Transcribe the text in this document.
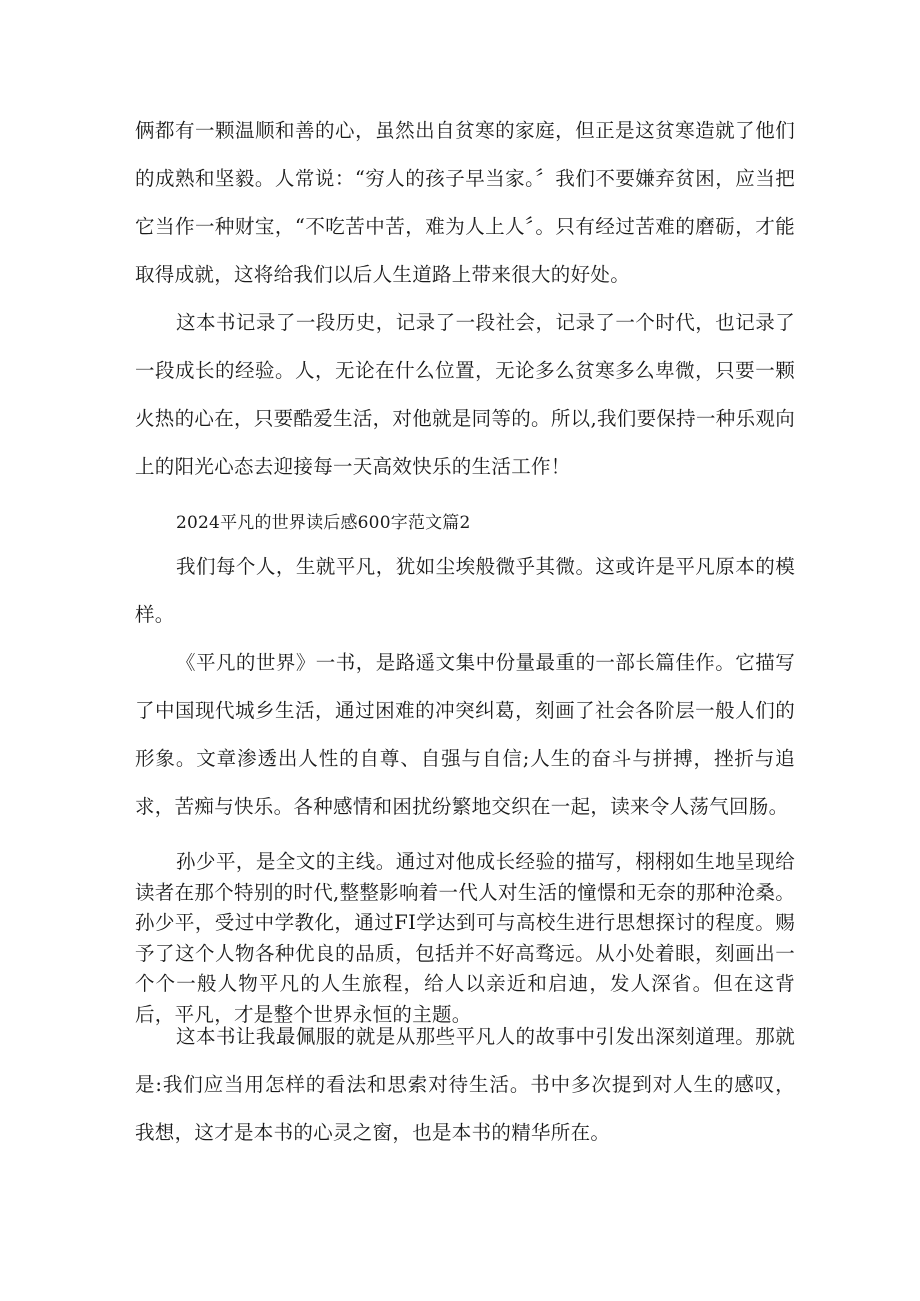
俩都有一颗温顺和善的心，虽然出自贫寒的家庭，但正是这贫寒造就了他们的成熟和坚毅。人常说：“穷人的孩子早当家。〞我们不要嫌弃贫困，应当把它当作一种财宝，“不吃苦中苦，难为人上人〞。只有经过苦难的磨砺，才能取得成就，这将给我们以后人生道路上带来很大的好处。

这本书记录了一段历史，记录了一段社会，记录了一个时代，也记录了一段成长的经验。人，无论在什么位置，无论多么贫寒多么卑微，只要一颗火热的心在，只要酷爱生活，对他就是同等的。所以,我们要保持一种乐观向上的阳光心态去迎接每一天高效快乐的生活工作！

2024平凡的世界读后感600字范文篇2

我们每个人，生就平凡，犹如尘埃般微乎其微。这或许是平凡原本的模样。

《平凡的世界》一书，是路遥文集中份量最重的一部长篇佳作。它描写了中国现代城乡生活，通过困难的冲突纠葛，刻画了社会各阶层一般人们的形象。文章渗透出人性的自尊、自强与自信;人生的奋斗与拼搏，挫折与追求，苦痴与快乐。各种感情和困扰纷繁地交织在一起，读来令人荡气回肠。

孙少平，是全文的主线。通过对他成长经验的描写，栩栩如生地呈现给读者在那个特别的时代,整整影响着一代人对生活的憧憬和无奈的那种沧桑。孙少平，受过中学教化，通过FI学达到可与高校生进行思想探讨的程度。赐予了这个人物各种优良的品质，包括并不好高骛远。从小处着眼，刻画出一个个一般人物平凡的人生旅程，给人以亲近和启迪，发人深省。但在这背后，平凡，才是整个世界永恒的主题。

这本书让我最佩服的就是从那些平凡人的故事中引发出深刻道理。那就是:我们应当用怎样的看法和思索对待生活。书中多次提到对人生的感叹，我想，这才是本书的心灵之窗，也是本书的精华所在。
